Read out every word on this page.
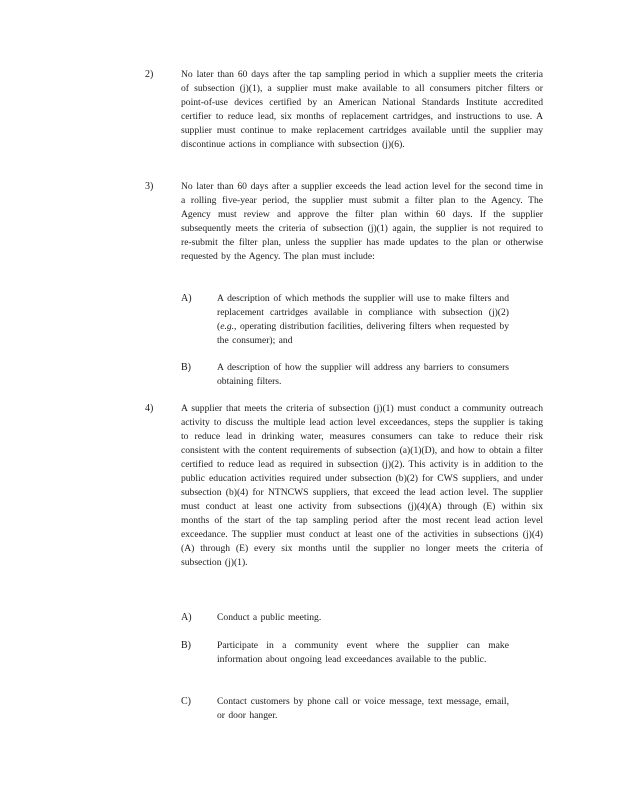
2)	No later than 60 days after the tap sampling period in which a supplier meets the criteria of subsection (j)(1), a supplier must make available to all consumers pitcher filters or point-of-use devices certified by an American National Standards Institute accredited certifier to reduce lead, six months of replacement cartridges, and instructions to use. A supplier must continue to make replacement cartridges available until the supplier may discontinue actions in compliance with subsection (j)(6).
3)	No later than 60 days after a supplier exceeds the lead action level for the second time in a rolling five-year period, the supplier must submit a filter plan to the Agency. The Agency must review and approve the filter plan within 60 days. If the supplier subsequently meets the criteria of subsection (j)(1) again, the supplier is not required to re-submit the filter plan, unless the supplier has made updates to the plan or otherwise requested by the Agency. The plan must include:
A)	A description of which methods the supplier will use to make filters and replacement cartridges available in compliance with subsection (j)(2) (e.g., operating distribution facilities, delivering filters when requested by the consumer); and
B)	A description of how the supplier will address any barriers to consumers obtaining filters.
4)	A supplier that meets the criteria of subsection (j)(1) must conduct a community outreach activity to discuss the multiple lead action level exceedances, steps the supplier is taking to reduce lead in drinking water, measures consumers can take to reduce their risk consistent with the content requirements of subsection (a)(1)(D), and how to obtain a filter certified to reduce lead as required in subsection (j)(2). This activity is in addition to the public education activities required under subsection (b)(2) for CWS suppliers, and under subsection (b)(4) for NTNCWS suppliers, that exceed the lead action level. The supplier must conduct at least one activity from subsections (j)(4)(A) through (E) within six months of the start of the tap sampling period after the most recent lead action level exceedance. The supplier must conduct at least one of the activities in subsections (j)(4)(A) through (E) every six months until the supplier no longer meets the criteria of subsection (j)(1).
A)	Conduct a public meeting.
B)	Participate in a community event where the supplier can make information about ongoing lead exceedances available to the public.
C)	Contact customers by phone call or voice message, text message, email, or door hanger.
